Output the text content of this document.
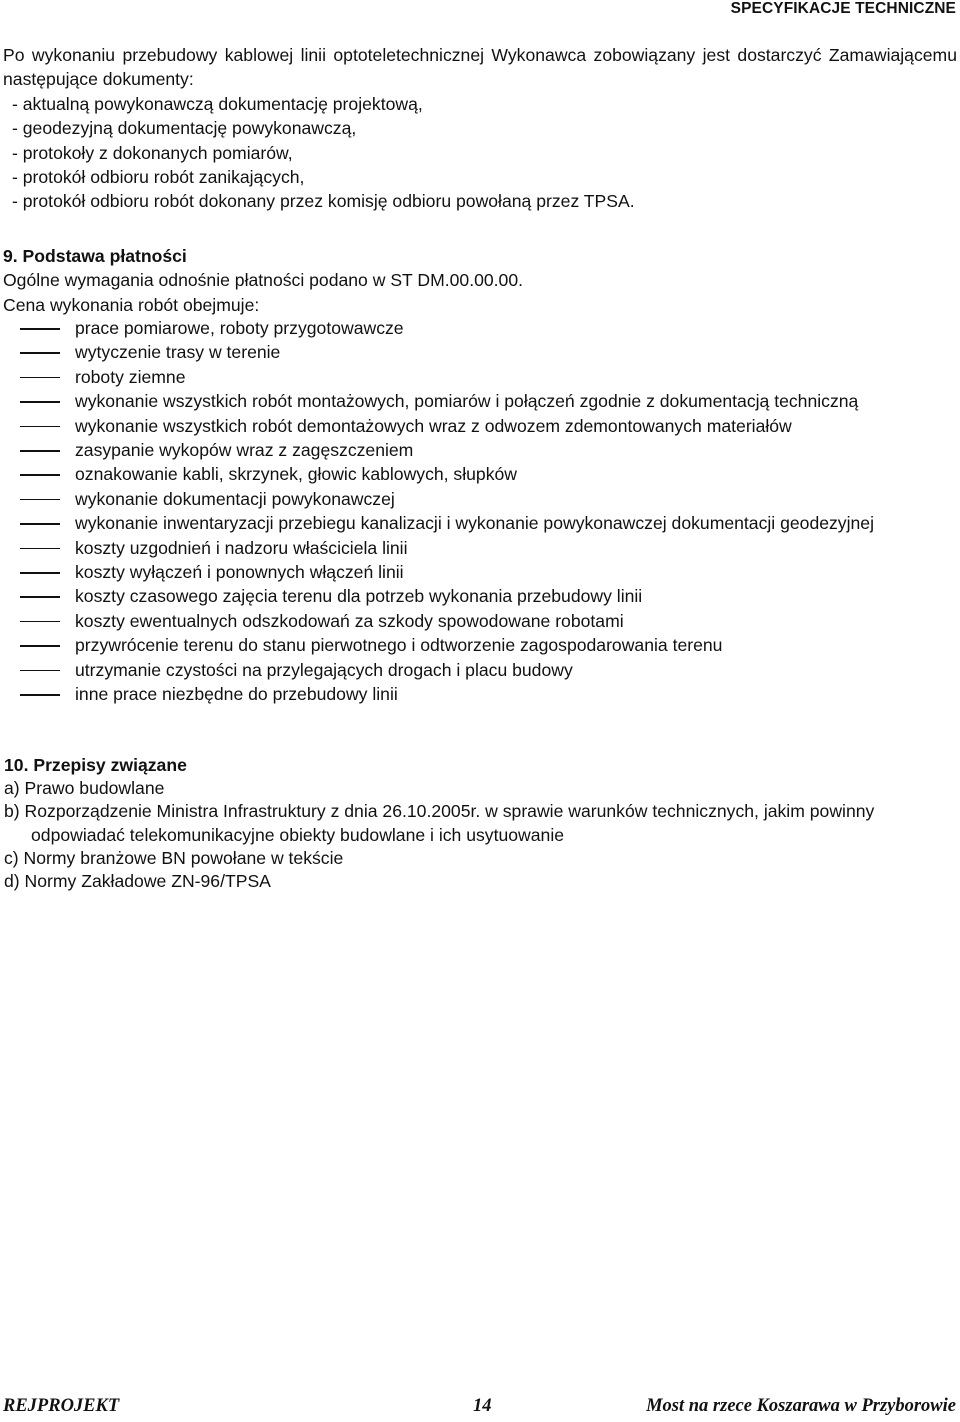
SPECYFIKACJE TECHNICZNE
Po wykonaniu przebudowy kablowej linii optoteletechnicznej Wykonawca zobowiązany jest dostarczyć Zamawiającemu następujące dokumenty:
- aktualną powykonawczą dokumentację projektową,
- geodezyjną dokumentację powykonawczą,
- protokoły z dokonanych pomiarów,
- protokół odbioru robót zanikających,
- protokół odbioru robót dokonany przez komisję odbioru powołaną przez TPSA.
9. Podstawa płatności
Ogólne wymagania odnośnie płatności podano w ST DM.00.00.00.
Cena wykonania robót obejmuje:
prace pomiarowe, roboty przygotowawcze
wytyczenie trasy w terenie
roboty ziemne
wykonanie wszystkich robót montażowych, pomiarów i połączeń zgodnie z dokumentacją techniczną
wykonanie wszystkich robót demontażowych wraz z odwozem zdemontowanych materiałów
zasypanie wykopów wraz z zagęszczeniem
oznakowanie kabli, skrzynek, głowic kablowych, słupków
wykonanie dokumentacji powykonawczej
wykonanie inwentaryzacji przebiegu kanalizacji i wykonanie powykonawczej dokumentacji geodezyjnej
koszty uzgodnień i nadzoru właściciela linii
koszty wyłączeń i ponownych włączeń linii
koszty czasowego zajęcia terenu dla potrzeb wykonania przebudowy linii
koszty ewentualnych odszkodowań za szkody spowodowane robotami
przywrócenie terenu do stanu pierwotnego i odtworzenie zagospodarowania terenu
utrzymanie czystości na przylegających drogach i placu budowy
inne prace niezbędne do przebudowy linii
10. Przepisy związane
a) Prawo budowlane
b) Rozporządzenie Ministra Infrastruktury z dnia 26.10.2005r. w sprawie warunków technicznych, jakim powinny odpowiadać telekomunikacyjne obiekty budowlane i ich usytuowanie
c) Normy branżowe BN powołane w tekście
d) Normy Zakładowe ZN-96/TPSA
REJPROJEKT	14	Most na rzece Koszarawa w Przyborowie
